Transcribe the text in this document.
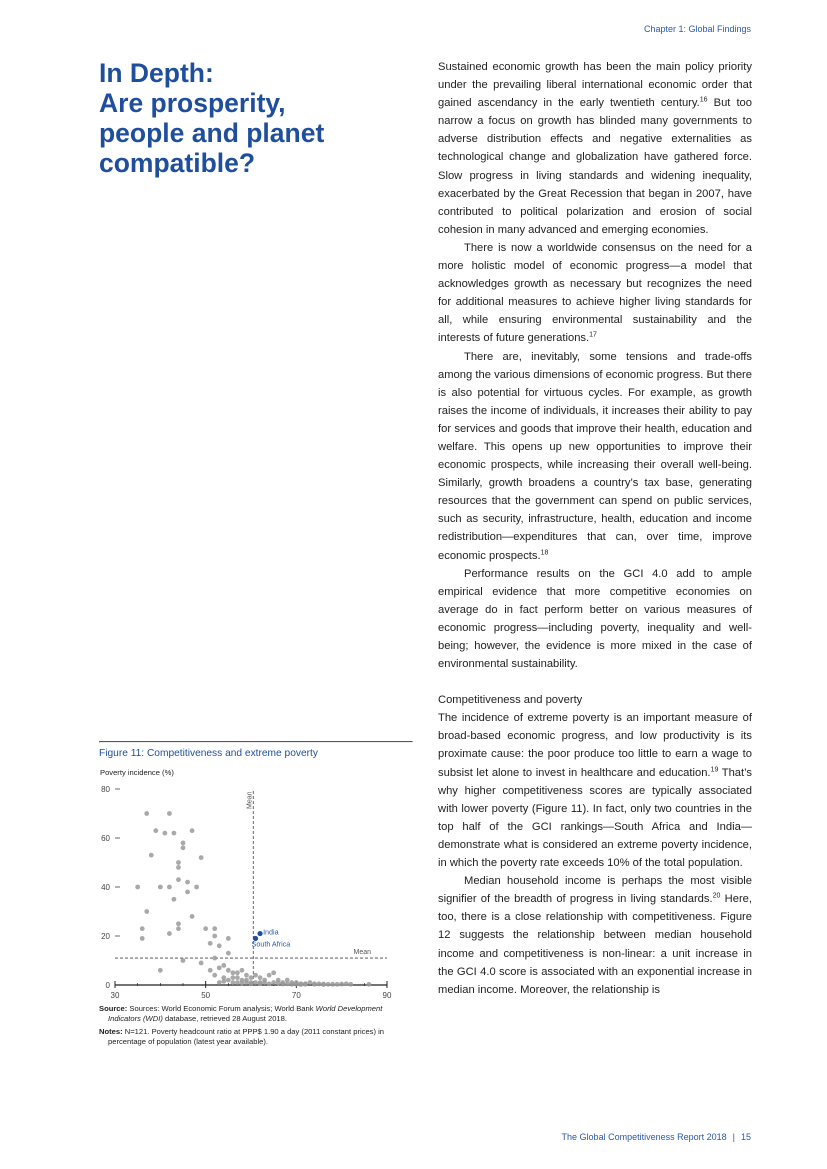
Chapter 1: Global Findings
In Depth:
Are prosperity,
people and planet
compatible?

Sustained economic growth has been the main policy priority under the prevailing liberal international economic order that gained ascendancy in the early twentieth century.$^{16}$ But too narrow a focus on growth has blinded many governments to adverse distribution effects and negative externalities as technological change and globalization have gathered force. Slow progress in living standards and widening inequality, exacerbated by the Great Recession that began in 2007, have contributed to political polarization and erosion of social cohesion in many advanced and emerging economies.

There is now a worldwide consensus on the need for a more holistic model of economic progress—a model that acknowledges growth as necessary but recognizes the need for additional measures to achieve higher living standards for all, while ensuring environmental sustainability and the interests of future generations.$^{17}$

There are, inevitably, some tensions and trade-offs among the various dimensions of economic progress. But there is also potential for virtuous cycles. For example, as growth raises the income of individuals, it increases their ability to pay for services and goods that improve their health, education and welfare. This opens up new opportunities to improve their economic prospects, while increasing their overall well-being. Similarly, growth broadens a country’s tax base, generating resources that the government can spend on public services, such as security, infrastructure, health, education and income redistribution—expenditures that can, over time, improve economic prospects.$^{18}$

Performance results on the GCI 4.0 add to ample empirical evidence that more competitive economies on average do in fact perform better on various measures of economic progress—including poverty, inequality and well-being; however, the evidence is more mixed in the case of environmental sustainability.

Competitiveness and poverty

The incidence of extreme poverty is an important measure of broad-based economic progress, and low productivity is its proximate cause: the poor produce too little to earn a wage to subsist let alone to invest in healthcare and education.$^{19}$ That’s why higher competitiveness scores are typically associated with lower poverty (Figure 11). In fact, only two countries in the top half of the GCI rankings—South Africa and India—demonstrate what is considered an extreme poverty incidence, in which the poverty rate exceeds 10% of the total population.

Median household income is perhaps the most visible signifier of the breadth of progress in living standards.$^{20}$ Here, too, there is a close relationship with competitiveness. Figure 12 suggests the relationship between median household income and competitiveness is non-linear: a unit increase in the GCI 4.0 score is associated with an exponential increase in median income. Moreover, the relationship is

Figure 11: Competitiveness and extreme poverty

Poverty incidence (%)
0
20
40
60
80
30	50	70	90
India
South Africa
Mean
Mean

Source: Sources: World Economic Forum analysis; World Bank World Development Indicators (WDI) database, retrieved 28 August 2018.

Notes: N=121. Poverty headcount ratio at PPP$ 1.90 a day (2011 constant prices) in percentage of population (latest year available).

The Global Competitiveness Report 2018 | 15
